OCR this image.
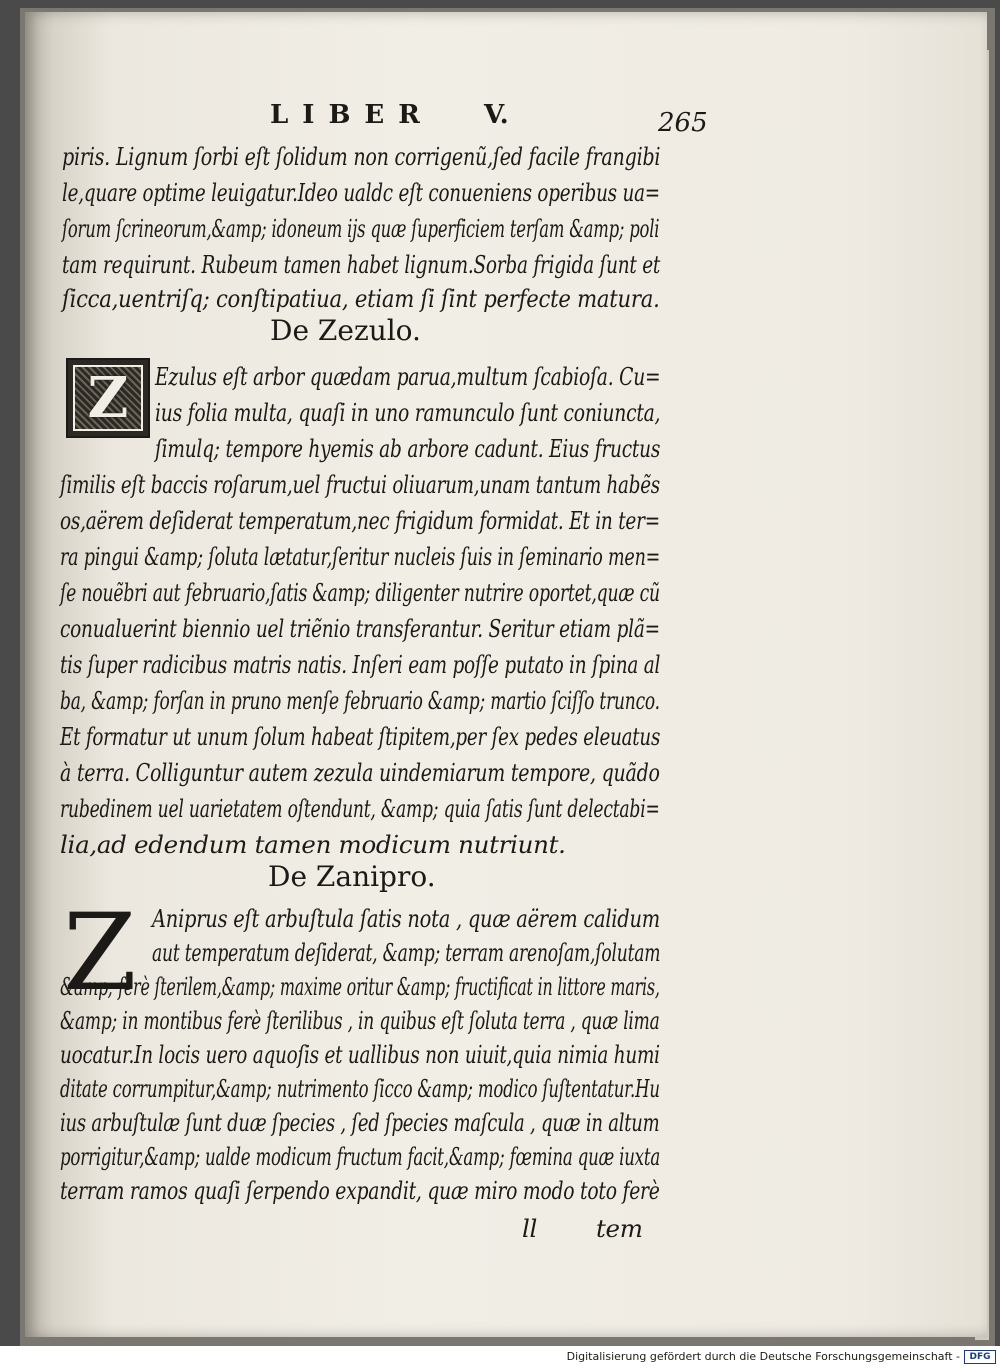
LIBER V.	265
piris. Lignum ſorbi eſt ſolidum non corrigenũ,ſed facile frangibi
le,quare optime leuigatur.Ideo ualdc eſt conueniens operibus ua=
ſorum ſcrineorum,&amp; idoneum ijs quæ ſuperficiem terſam &amp; poli
tam requirunt. Rubeum tamen habet lignum.Sorba frigida ſunt et
ſicca,uentriſq; conſtipatiua, etiam ſi ſint perfecte matura.
De Zezulo.
Z Ezulus eſt arbor quædam parua,multum ſcabioſa. Cu=
ius folia multa, quaſi in uno ramunculo ſunt coniuncta,
ſimulq; tempore hyemis ab arbore cadunt. Eius fructus
ſimilis eſt baccis roſarum,uel fructui oliuarum,unam tantum habẽs
os,aërem deſiderat temperatum,nec frigidum formidat. Et in ter=
ra pingui &amp; ſoluta lætatur,ſeritur nucleis ſuis in ſeminario men=
ſe nouẽbri aut februario,ſatis &amp; diligenter nutrire oportet,quæ cũ
conualuerint biennio uel triẽnio transferantur. Seritur etiam plã=
tis ſuper radicibus matris natis. Inſeri eam poſſe putato in ſpina al
ba, &amp; forſan in pruno menſe februario &amp; martio ſciſſo trunco.
Et formatur ut unum ſolum habeat ſtipitem,per ſex pedes eleuatus
à terra. Colliguntur autem zezula uindemiarum tempore, quãdo
rubedinem uel uarietatem oſtendunt, &amp; quia ſatis ſunt delectabi=
lia,ad edendum tamen modicum nutriunt.
De Zanipro.
Z Aniprus eſt arbuſtula ſatis nota , quæ aërem calidum
aut temperatum deſiderat, &amp; terram arenoſam,ſolutam
&amp; ferè ſterilem,&amp; maxime oritur &amp; fructificat in littore maris,
&amp; in montibus ferè ſterilibus , in quibus eſt ſoluta terra , quæ lima
uocatur.In locis uero aquoſis et uallibus non uiuit,quia nimia humi
ditate corrumpitur,&amp; nutrimento ſicco &amp; modico ſuſtentatur.Hu
ius arbuſtulæ ſunt duæ ſpecies , ſed ſpecies maſcula , quæ in altum
porrigitur,&amp; ualde modicum fructum facit,&amp; fœmina quæ iuxta
terram ramos quaſi ſerpendo expandit, quæ miro modo toto ferè
ll tem
Digitalisierung gefördert durch die Deutsche Forschungsgemeinschaft -	DFG
